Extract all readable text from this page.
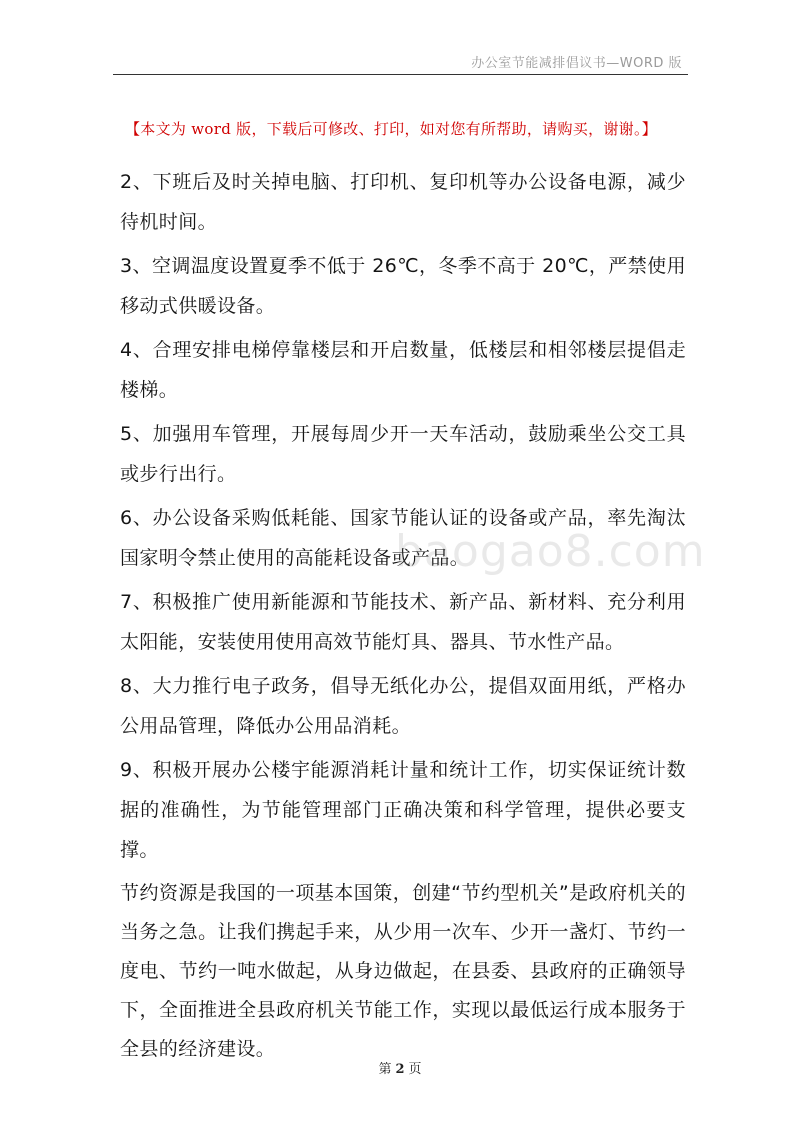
办公室节能减排倡议书—WORD 版
【本文为 word 版，下载后可修改、打印，如对您有所帮助，请购买，谢谢。】

2、下班后及时关掉电脑、打印机、复印机等办公设备电源，减少待机时间。

3、空调温度设置夏季不低于 26℃，冬季不高于 20℃，严禁使用移动式供暖设备。

4、合理安排电梯停靠楼层和开启数量，低楼层和相邻楼层提倡走楼梯。

5、加强用车管理，开展每周少开一天车活动，鼓励乘坐公交工具或步行出行。

6、办公设备采购低耗能、国家节能认证的设备或产品，率先淘汰国家明令禁止使用的高能耗设备或产品。

7、积极推广使用新能源和节能技术、新产品、新材料、充分利用太阳能，安装使用使用高效节能灯具、器具、节水性产品。

8、大力推行电子政务，倡导无纸化办公，提倡双面用纸，严格办公用品管理，降低办公用品消耗。

9、积极开展办公楼宇能源消耗计量和统计工作，切实保证统计数据的准确性，为节能管理部门正确决策和科学管理，提供必要支撑。

节约资源是我国的一项基本国策，创建“节约型机关”是政府机关的当务之急。让我们携起手来，从少用一次车、少开一盏灯、节约一度电、节约一吨水做起，从身边做起，在县委、县政府的正确领导下，全面推进全县政府机关节能工作，实现以最低运行成本服务于全县的经济建设。

baogao8.com
第 2 页
